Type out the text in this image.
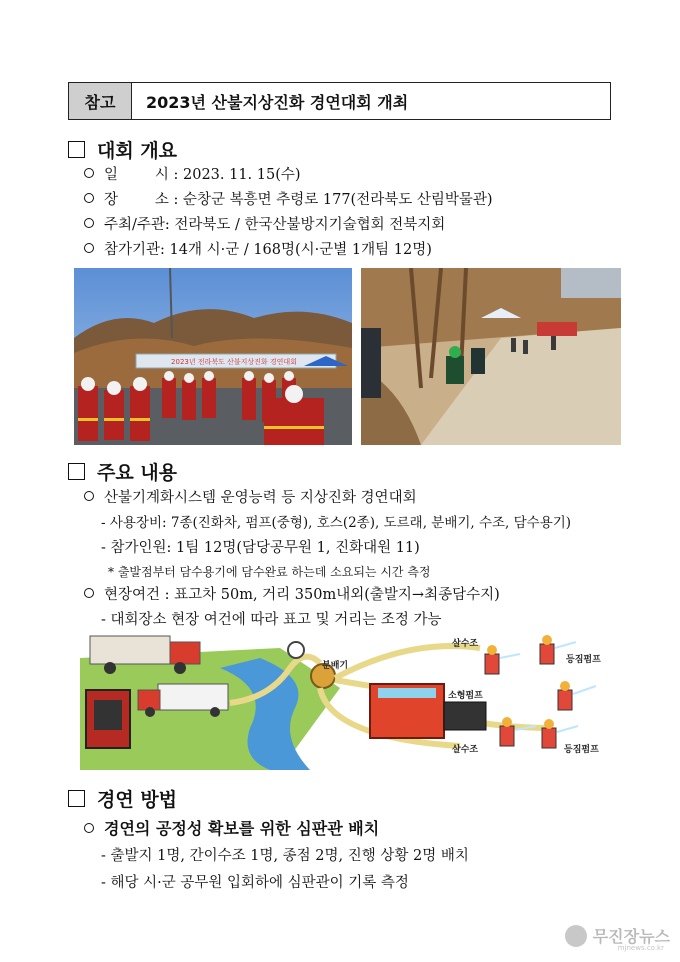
참고	2023년 산불지상진화 경연대회 개최
대회 개요
일        시 : 2023. 11. 15(수)
장        소 : 순창군 복흥면 추령로 177(전라북도 산림박물관)
주최/주관: 전라북도 / 한국산불방지기술협회 전북지회
참가기관: 14개 시·군 / 168명(시·군별 1개팀 12명)
2023년 전라북도 산불지상진화 경연대회
주요 내용
산불기계화시스템 운영능력 등 지상진화 경연대회
- 사용장비: 7종(진화차, 펌프(중형), 호스(2종), 도르래, 분배기, 수조, 담수용기)
- 참가인원: 1팀 12명(담당공무원 1, 진화대원 11)
* 출발점부터 담수용기에 담수완료 하는데 소요되는 시간 측정
현장여건 : 표고차 50m, 거리 350m내외(출발지→최종담수지)
- 대회장소 현장 여건에 따라 표고 및 거리는 조정 가능
분배기
소형펌프
살수조
살수조
등짐펌프
등짐펌프
경연 방법
경연의 공정성 확보를 위한 심판관 배치
- 출발지 1명, 간이수조 1명, 종점 2명, 진행 상황 2명 배치
- 해당 시·군 공무원 입회하에 심판관이 기록 측정
무진장뉴스
mjnews.co.kr
